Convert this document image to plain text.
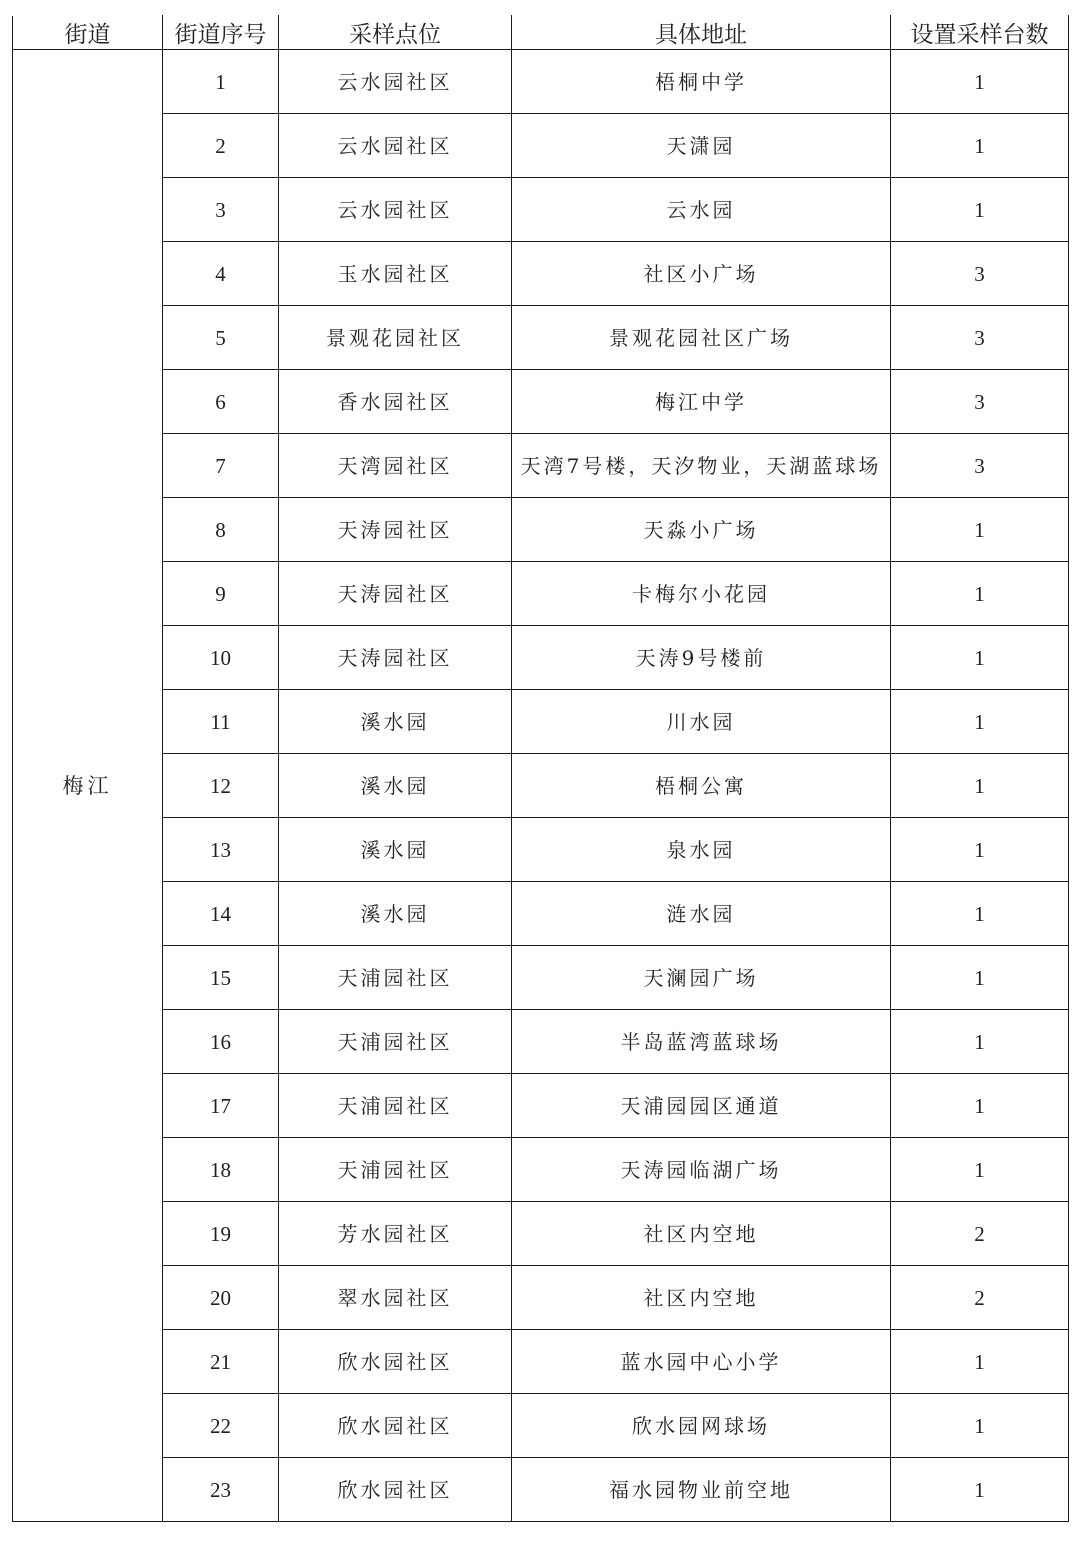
街道	街道序号	采样点位	具体地址	设置采样台数
梅江	1	云水园社区	梧桐中学	1
	2	云水园社区	天潇园	1
	3	云水园社区	云水园	1
	4	玉水园社区	社区小广场	3
	5	景观花园社区	景观花园社区广场	3
	6	香水园社区	梅江中学	3
	7	天湾园社区	天湾7号楼，天汐物业，天湖蓝球场	3
	8	天涛园社区	天淼小广场	1
	9	天涛园社区	卡梅尔小花园	1
	10	天涛园社区	天涛9号楼前	1
	11	溪水园	川水园	1
	12	溪水园	梧桐公寓	1
	13	溪水园	泉水园	1
	14	溪水园	涟水园	1
	15	天浦园社区	天澜园广场	1
	16	天浦园社区	半岛蓝湾蓝球场	1
	17	天浦园社区	天浦园园区通道	1
	18	天浦园社区	天涛园临湖广场	1
	19	芳水园社区	社区内空地	2
	20	翠水园社区	社区内空地	2
	21	欣水园社区	蓝水园中心小学	1
	22	欣水园社区	欣水园网球场	1
	23	欣水园社区	福水园物业前空地	1
